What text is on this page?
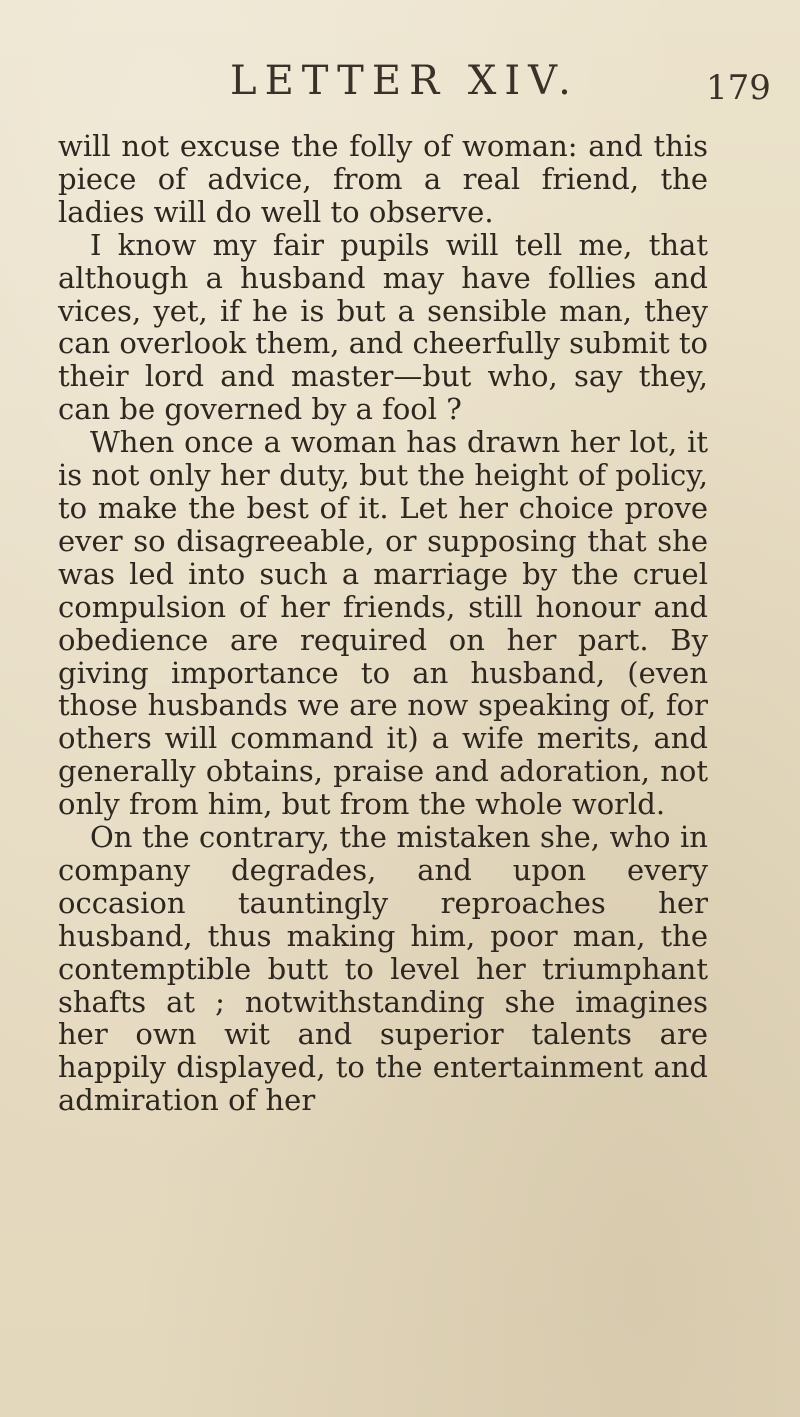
LETTER XIV.	179

will not excuse the folly of woman: and this piece of advice, from a real friend, the ladies will do well to observe.

I know my fair pupils will tell me, that although a husband may have follies and vices, yet, if he is but a sensible man, they can overlook them, and cheerfully submit to their lord and master—but who, say they, can be governed by a fool ?

When once a woman has drawn her lot, it is not only her duty, but the height of policy, to make the best of it. Let her choice prove ever so disagreeable, or supposing that she was led into such a marriage by the cruel compulsion of her friends, still honour and obedience are required on her part. By giving importance to an husband, (even those husbands we are now speaking of, for others will command it) a wife merits, and generally obtains, praise and adoration, not only from him, but from the whole world.

On the contrary, the mistaken she, who in company degrades, and upon every occasion tauntingly reproaches her husband, thus making him, poor man, the contemptible butt to level her triumphant shafts at ; notwithstanding she imagines her own wit and superior talents are happily displayed, to the entertainment and admiration of her
